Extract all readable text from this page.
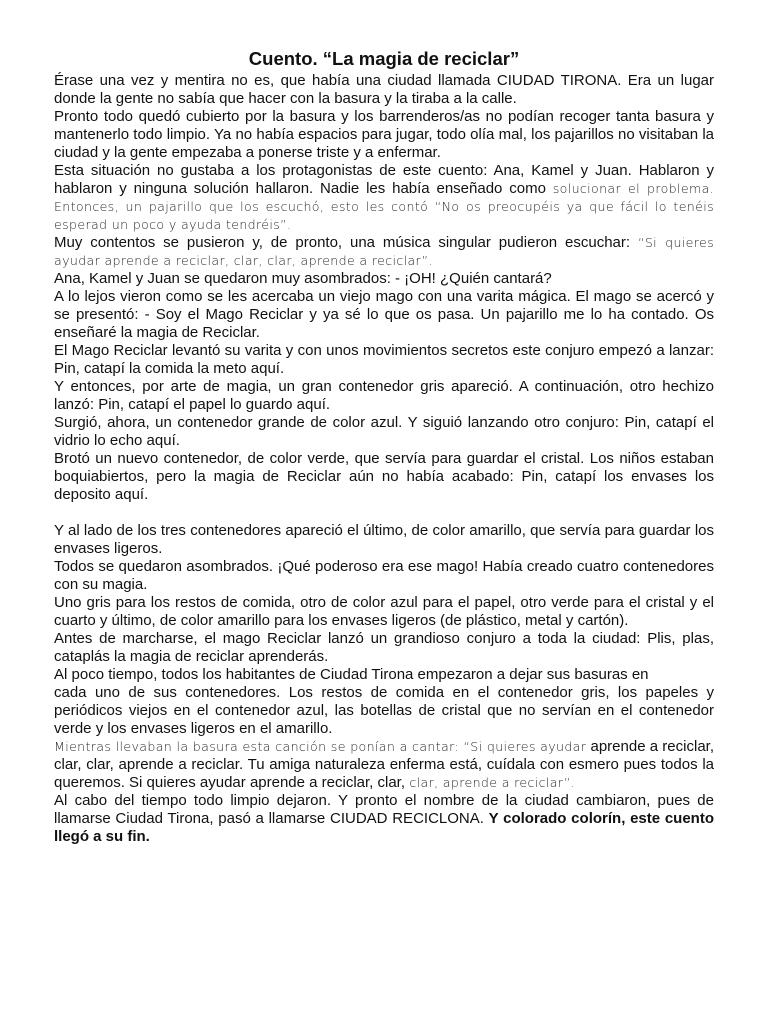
Cuento. “La magia de reciclar”

Érase una vez y mentira no es, que había una ciudad llamada CIUDAD TIRONA. Era un lugar donde la gente no sabía que hacer con la basura y la tiraba a la calle.

Pronto todo quedó cubierto por la basura y los barrenderos/as no podían recoger tanta basura y mantenerlo todo limpio. Ya no había espacios para jugar, todo olía mal, los pajarillos no visitaban la ciudad y la gente empezaba a ponerse triste y a enfermar.

Esta situación no gustaba a los protagonistas de este cuento: Ana, Kamel y Juan. Hablaron y hablaron y ninguna solución hallaron. Nadie les había enseñado como solucionar el problema. Entonces, un pajarillo que los escuchó, esto les contó “No os preocupéis ya que fácil lo tenéis esperad un poco y ayuda tendréis”.

Muy contentos se pusieron y, de pronto, una música singular pudieron escuchar: “Si quieres ayudar aprende a reciclar, clar, clar, aprende a reciclar”.

Ana, Kamel y Juan se quedaron muy asombrados: - ¡OH! ¿Quién cantará?

A lo lejos vieron como se les acercaba un viejo mago con una varita mágica. El mago se acercó y se presentó: - Soy el Mago Reciclar y ya sé lo que os pasa. Un pajarillo me lo ha contado. Os enseñaré la magia de Reciclar.

El Mago Reciclar levantó su varita y con unos movimientos secretos este conjuro empezó a lanzar: Pin, catapí la comida la meto aquí.

Y entonces, por arte de magia, un gran contenedor gris apareció. A continuación, otro hechizo lanzó: Pin, catapí el papel lo guardo aquí.

Surgió, ahora, un contenedor grande de color azul. Y siguió lanzando otro conjuro: Pin, catapí el vidrio lo echo aquí.

Brotó un nuevo contenedor, de color verde, que servía para guardar el cristal. Los niños estaban boquiabiertos, pero la magia de Reciclar aún no había acabado: Pin, catapí los envases los deposito aquí.

Y al lado de los tres contenedores apareció el último, de color amarillo, que servía para guardar los envases ligeros.

Todos se quedaron asombrados. ¡Qué poderoso era ese mago! Había creado cuatro contenedores con su magia.

Uno gris para los restos de comida, otro de color azul para el papel, otro verde para el cristal y el cuarto y último, de color amarillo para los envases ligeros (de plástico, metal y cartón).

Antes de marcharse, el mago Reciclar lanzó un grandioso conjuro a toda la ciudad: Plis, plas, cataplás la magia de reciclar aprenderás.

Al poco tiempo, todos los habitantes de Ciudad Tirona empezaron a dejar sus basuras en

cada uno de sus contenedores. Los restos de comida en el contenedor gris, los papeles y periódicos viejos en el contenedor azul, las botellas de cristal que no servían en el contenedor verde y los envases ligeros en el amarillo.

Mientras llevaban la basura esta canción se ponían a cantar: “Si quieres ayudar aprende a reciclar, clar, clar, aprende a reciclar. Tu amiga naturaleza enferma está, cuídala con esmero pues todos la queremos. Si quieres ayudar aprende a reciclar, clar, clar, aprende a reciclar”.

Al cabo del tiempo todo limpio dejaron. Y pronto el nombre de la ciudad cambiaron, pues de llamarse Ciudad Tirona, pasó a llamarse CIUDAD RECICLONA. Y colorado colorín, este cuento llegó a su fin.
